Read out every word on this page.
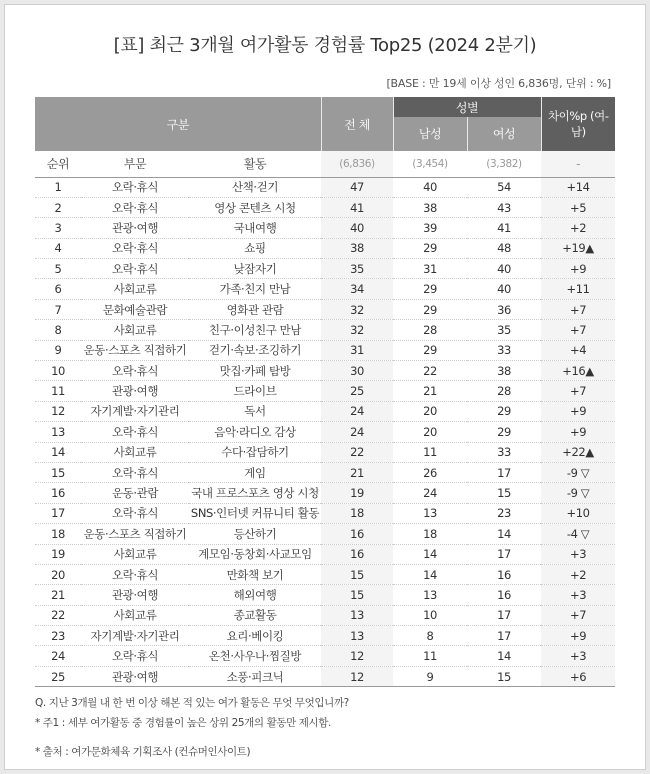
[표] 최근 3개월 여가활동 경험률 Top25 (2024 2분기)
[BASE : 만 19세 이상 성인 6,836명, 단위 : %]
구분			전 체	성별		차이%p (여-남)
				남성	여성	
순위	부문	활동	(6,836)	(3,454)	(3,382)	-
1	오락·휴식	산책·걷기	47	40	54	+14
2	오락·휴식	영상 콘텐츠 시청	41	38	43	+5
3	관광·여행	국내여행	40	39	41	+2
4	오락·휴식	쇼핑	38	29	48	+19▲
5	오락·휴식	낮잠자기	35	31	40	+9
6	사회교류	가족·친지 만남	34	29	40	+11
7	문화예술관람	영화관 관람	32	29	36	+7
8	사회교류	친구·이성친구 만남	32	28	35	+7
9	운동·스포츠 직접하기	걷기·속보·조깅하기	31	29	33	+4
10	오락·휴식	맛집·카페 탐방	30	22	38	+16▲
11	관광·여행	드라이브	25	21	28	+7
12	자기계발·자기관리	독서	24	20	29	+9
13	오락·휴식	음악·라디오 감상	24	20	29	+9
14	사회교류	수다·잡담하기	22	11	33	+22▲
15	오락·휴식	게임	21	26	17	-9 ▽
16	운동·관람	국내 프로스포츠 영상 시청	19	24	15	-9 ▽
17	오락·휴식	SNS·인터넷 커뮤니티 활동	18	13	23	+10
18	운동·스포츠 직접하기	등산하기	16	18	14	-4 ▽
19	사회교류	계모임·동창회·사교모임	16	14	17	+3
20	오락·휴식	만화책 보기	15	14	16	+2
21	관광·여행	해외여행	15	13	16	+3
22	사회교류	종교활동	13	10	17	+7
23	자기계발·자기관리	요리·베이킹	13	8	17	+9
24	오락·휴식	온천·사우나·찜질방	12	11	14	+3
25	관광·여행	소풍·피크닉	12	9	15	+6
Q. 지난 3개월 내 한 번 이상 해본 적 있는 여가 활동은 무엇 무엇입니까?
* 주1 : 세부 여가활동 중 경험률이 높은 상위 25개의 활동만 제시함.
* 출처 : 여가문화체육 기획조사 (컨슈머인사이트)
